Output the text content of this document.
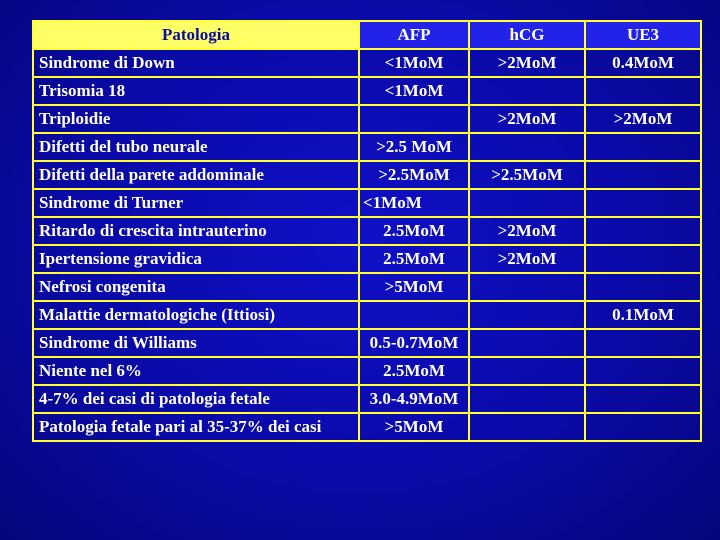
Patologia	AFP	hCG	UE3
Sindrome di Down	<1MoM	>2MoM	0.4MoM
Trisomia 18	<1MoM		
Triploidie		>2MoM	>2MoM
Difetti del tubo neurale	>2.5 MoM		
Difetti della parete addominale	>2.5MoM	>2.5MoM	
Sindrome di Turner	<1MoM		
Ritardo di crescita intrauterino	2.5MoM	>2MoM	
Ipertensione gravidica	2.5MoM	>2MoM	
Nefrosi congenita	>5MoM		
Malattie dermatologiche (Ittiosi)			0.1MoM
Sindrome di Williams	0.5-0.7MoM		
Niente nel 6%	2.5MoM		
4-7% dei casi di patologia fetale	3.0-4.9MoM		
Patologia fetale pari al 35-37% dei casi	>5MoM		
